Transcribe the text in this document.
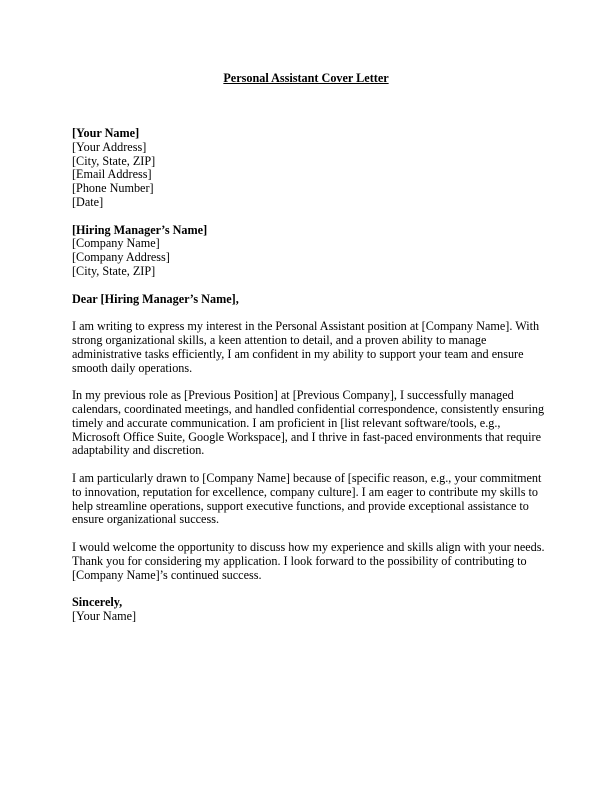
Personal Assistant Cover Letter
[Your Name]
[Your Address]
[City, State, ZIP]
[Email Address]
[Phone Number]
[Date]
[Hiring Manager’s Name]
[Company Name]
[Company Address]
[City, State, ZIP]
Dear [Hiring Manager’s Name],

I am writing to express my interest in the Personal Assistant position at [Company Name]. With
strong organizational skills, a keen attention to detail, and a proven ability to manage
administrative tasks efficiently, I am confident in my ability to support your team and ensure
smooth daily operations.

In my previous role as [Previous Position] at [Previous Company], I successfully managed
calendars, coordinated meetings, and handled confidential correspondence, consistently ensuring
timely and accurate communication. I am proficient in [list relevant software/tools, e.g.,
Microsoft Office Suite, Google Workspace], and I thrive in fast-paced environments that require
adaptability and discretion.

I am particularly drawn to [Company Name] because of [specific reason, e.g., your commitment
to innovation, reputation for excellence, company culture]. I am eager to contribute my skills to
help streamline operations, support executive functions, and provide exceptional assistance to
ensure organizational success.

I would welcome the opportunity to discuss how my experience and skills align with your needs.
Thank you for considering my application. I look forward to the possibility of contributing to
[Company Name]’s continued success.

Sincerely,
[Your Name]
